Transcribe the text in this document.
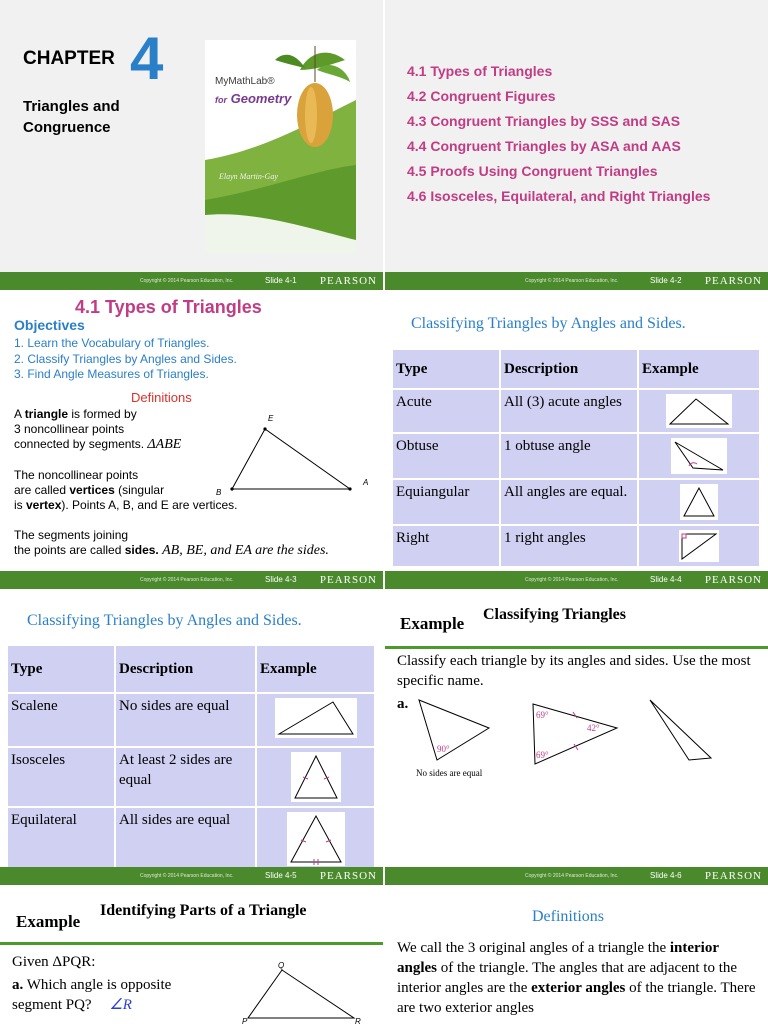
CHAPTER 4
Triangles and Congruence
MyMathLab®
for Geometry
Elayn Martin-Gay
Copyright © 2014 Pearson Education, Inc.	Slide 4-1 PEARSON
4.1 Types of Triangles
4.2 Congruent Figures
4.3 Congruent Triangles by SSS and SAS
4.4 Congruent Triangles by ASA and AAS
4.5 Proofs Using Congruent Triangles
4.6 Isosceles, Equilateral, and Right Triangles
Copyright © 2014 Pearson Education, Inc.	Slide 4-2 PEARSON
4.1 Types of Triangles
Objectives
1. Learn the Vocabulary of Triangles.
2. Classify Triangles by Angles and Sides.
3. Find Angle Measures of Triangles.
Definitions
A triangle is formed by
3 noncollinear points
connected by segments. ΔABE
The noncollinear points
are called vertices (singular
is vertex). Points A, B, and E are vertices.
The segments joining
the points are called sides. AB, BE, and EA are the sides.
E
B
A
Copyright © 2014 Pearson Education, Inc.	Slide 4-3 PEARSON
Classifying Triangles by Angles and Sides.
Type	Description	Example
Acute	All (3) acute angles	

Obtuse	1 obtuse angle	

Equiangular	All angles are equal.	

Right	1 right angles	
Copyright © 2014 Pearson Education, Inc.	Slide 4-4 PEARSON
Classifying Triangles by Angles and Sides.
Type	Description	Example
Scalene	No sides are equal	

Isosceles	At least 2 sides are equal	

Equilateral	All sides are equal	
Copyright © 2014 Pearson Education, Inc.	Slide 4-5 PEARSON
Example Classifying Triangles
Classify each triangle by its angles and sides. Use the most specific name.
a.
90°
69°
42°
69°
No sides are equal
Copyright © 2014 Pearson Education, Inc.	Slide 4-6 PEARSON
Example
Identifying Parts of a Triangle
Given ΔPQR:
a. Which angle is opposite
segment PQ? ∠R
Q
P	R
Definitions
We call the 3 original angles of a triangle the interior angles of the triangle. The angles that are adjacent to the interior angles are the exterior angles of the triangle. There are two exterior angles
